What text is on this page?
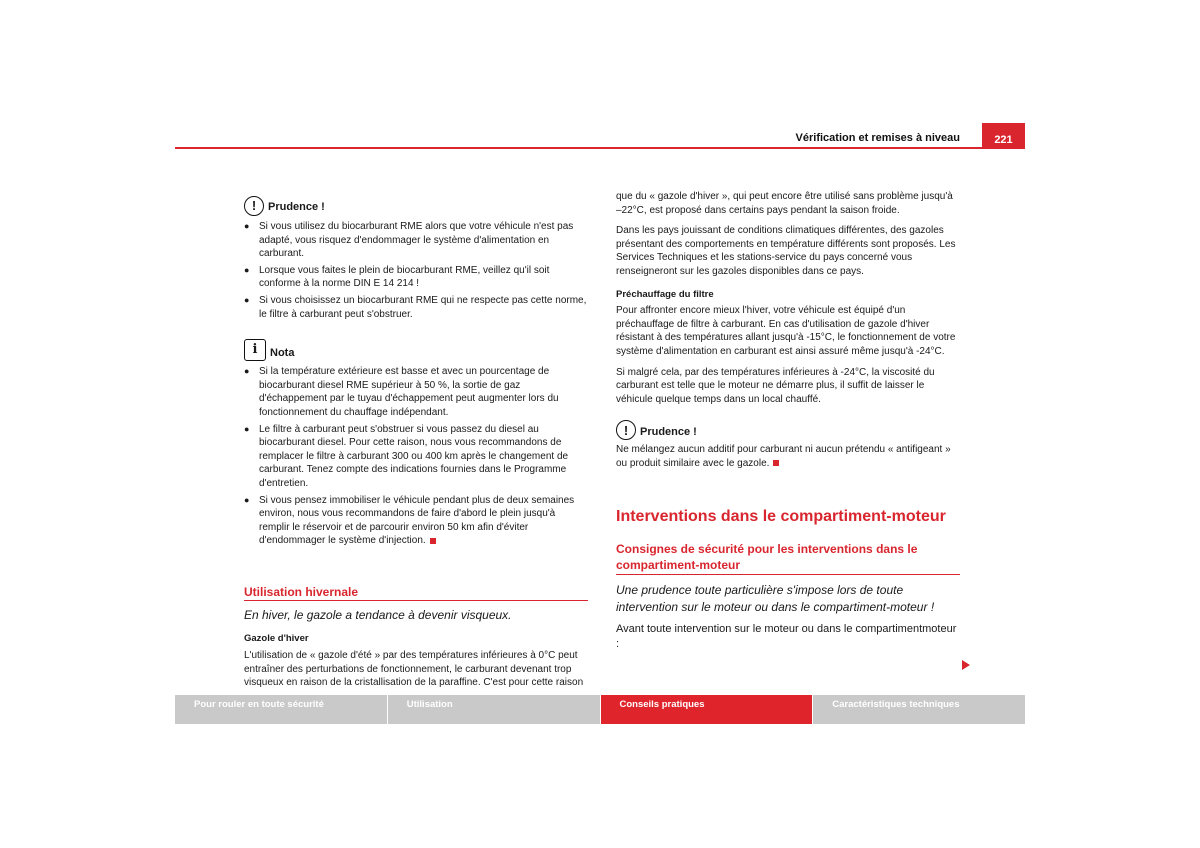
221
Vérification et remises à niveau
!	Prudence !
● Si vous utilisez du biocarburant RME alors que votre véhicule n'est pas adapté, vous risquez d'endommager le système d'alimentation en carburant.
● Lorsque vous faites le plein de biocarburant RME, veillez qu'il soit conforme à la norme DIN E 14 214 !
● Si vous choisissez un biocarburant RME qui ne respecte pas cette norme, le filtre à carburant peut s'obstruer.
i	Nota
● Si la température extérieure est basse et avec un pourcentage de biocarburant diesel RME supérieur à 50 %, la sortie de gaz d'échappement par le tuyau d'échappement peut augmenter lors du fonctionnement du chauffage indépendant.
● Le filtre à carburant peut s'obstruer si vous passez du diesel au biocarburant diesel. Pour cette raison, nous vous recommandons de remplacer le filtre à carburant 300 ou 400 km après le changement de carburant. Tenez compte des indications fournies dans le Programme d'entretien.
● Si vous pensez immobiliser le véhicule pendant plus de deux semaines environ, nous vous recommandons de faire d'abord le plein jusqu'à remplir le réservoir et de parcourir environ 50 km afin d'éviter d'endommager le système d'injection.
Utilisation hivernale
En hiver, le gazole a tendance à devenir visqueux.
Gazole d'hiver

L'utilisation de « gazole d'été » par des températures inférieures à 0°C peut entraîner des perturbations de fonctionnement, le carburant devenant trop visqueux en raison de la cristallisation de la paraffine. C'est pour cette raison

que du « gazole d'hiver », qui peut encore être utilisé sans problème jusqu'à –22°C, est proposé dans certains pays pendant la saison froide.

Dans les pays jouissant de conditions climatiques différentes, des gazoles présentant des comportements en température différents sont proposés. Les Services Techniques et les stations-service du pays concerné vous renseigneront sur les gazoles disponibles dans ce pays.

Préchauffage du filtre

Pour affronter encore mieux l'hiver, votre véhicule est équipé d'un préchauffage de filtre à carburant. En cas d'utilisation de gazole d'hiver résistant à des températures allant jusqu'à -15°C, le fonctionnement de votre système d'alimentation en carburant est ainsi assuré même jusqu'à -24°C.

Si malgré cela, par des températures inférieures à -24°C, la viscosité du carburant est telle que le moteur ne démarre plus, il suffit de laisser le véhicule quelque temps dans un local chauffé.

!	Prudence !

Ne mélangez aucun additif pour carburant ni aucun prétendu « antifigeant » ou produit similaire avec le gazole.

Interventions dans le compartiment-moteur
Consignes de sécurité pour les interventions dans le compartiment-moteur
Une prudence toute particulière s'impose lors de toute intervention sur le moteur ou dans le compartiment-moteur !

Avant toute intervention sur le moteur ou dans le compartimentmoteur :

Pour rouler en toute sécurité	Utilisation	Conseils pratiques	Caractéristiques techniques
